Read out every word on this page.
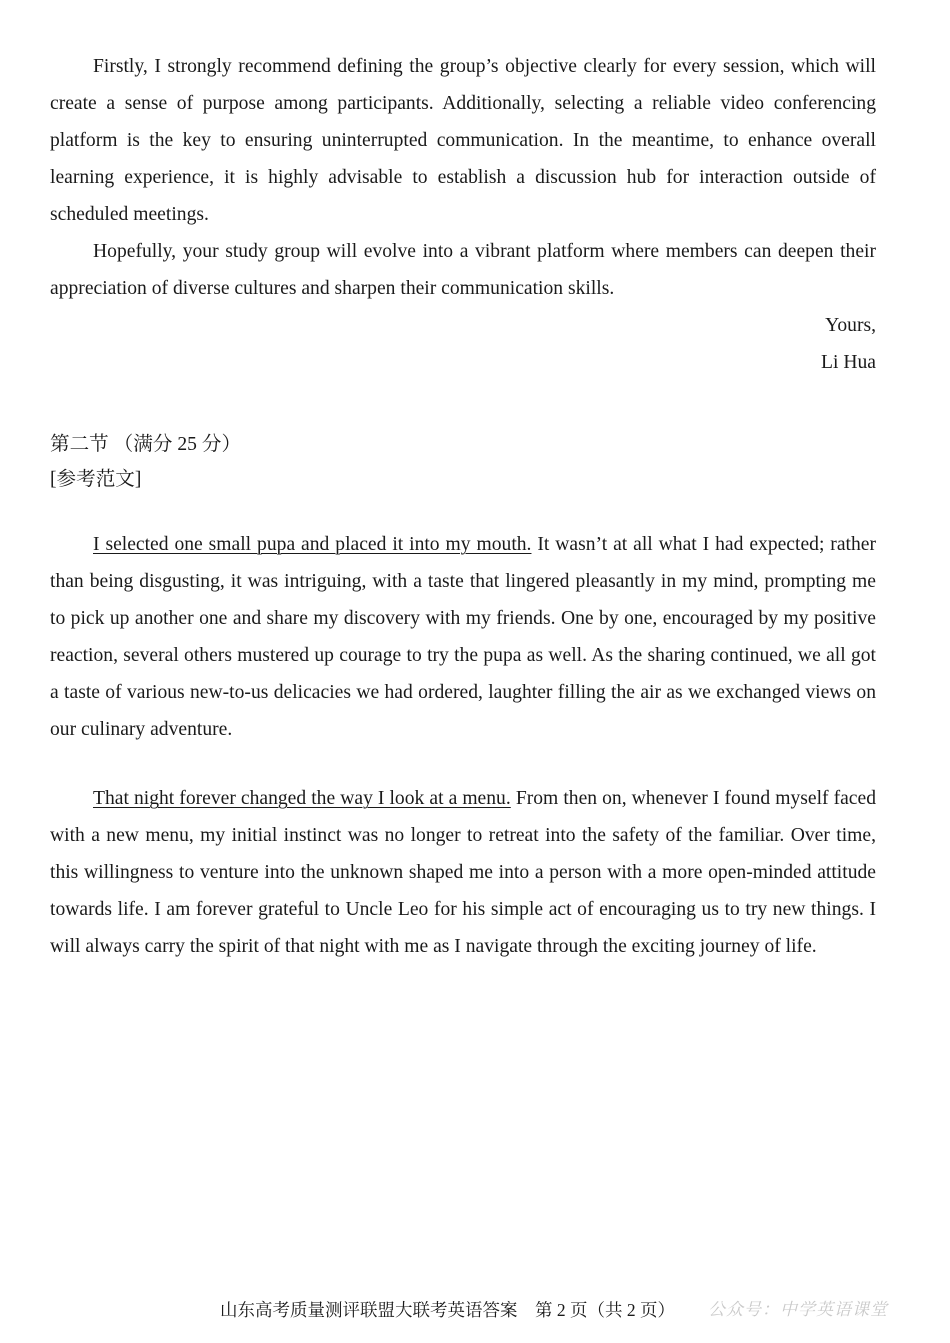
Firstly, I strongly recommend defining the group’s objective clearly for every session, which will create a sense of purpose among participants. Additionally, selecting a reliable video conferencing platform is the key to ensuring uninterrupted communication. In the meantime, to enhance overall learning experience, it is highly advisable to establish a discussion hub for interaction outside of scheduled meetings.

Hopefully, your study group will evolve into a vibrant platform where members can deepen their appreciation of diverse cultures and sharpen their communication skills.

Yours,

Li Hua

第二节 （满分 25 分）

[参考范文]

I selected one small pupa and placed it into my mouth. It wasn’t at all what I had expected; rather than being disgusting, it was intriguing, with a taste that lingered pleasantly in my mind, prompting me to pick up another one and share my discovery with my friends. One by one, encouraged by my positive reaction, several others mustered up courage to try the pupa as well. As the sharing continued, we all got a taste of various new-to-us delicacies we had ordered, laughter filling the air as we exchanged views on our culinary adventure.

That night forever changed the way I look at a menu. From then on, whenever I found myself faced with a new menu, my initial instinct was no longer to retreat into the safety of the familiar. Over time, this willingness to venture into the unknown shaped me into a person with a more open-minded attitude towards life. I am forever grateful to Uncle Leo for his simple act of encouraging us to try new things. I will always carry the spirit of that night with me as I navigate through the exciting journey of life.

山东高考质量测评联盟大联考英语答案　第 2 页（共 2 页） 公众号：中学英语课堂
